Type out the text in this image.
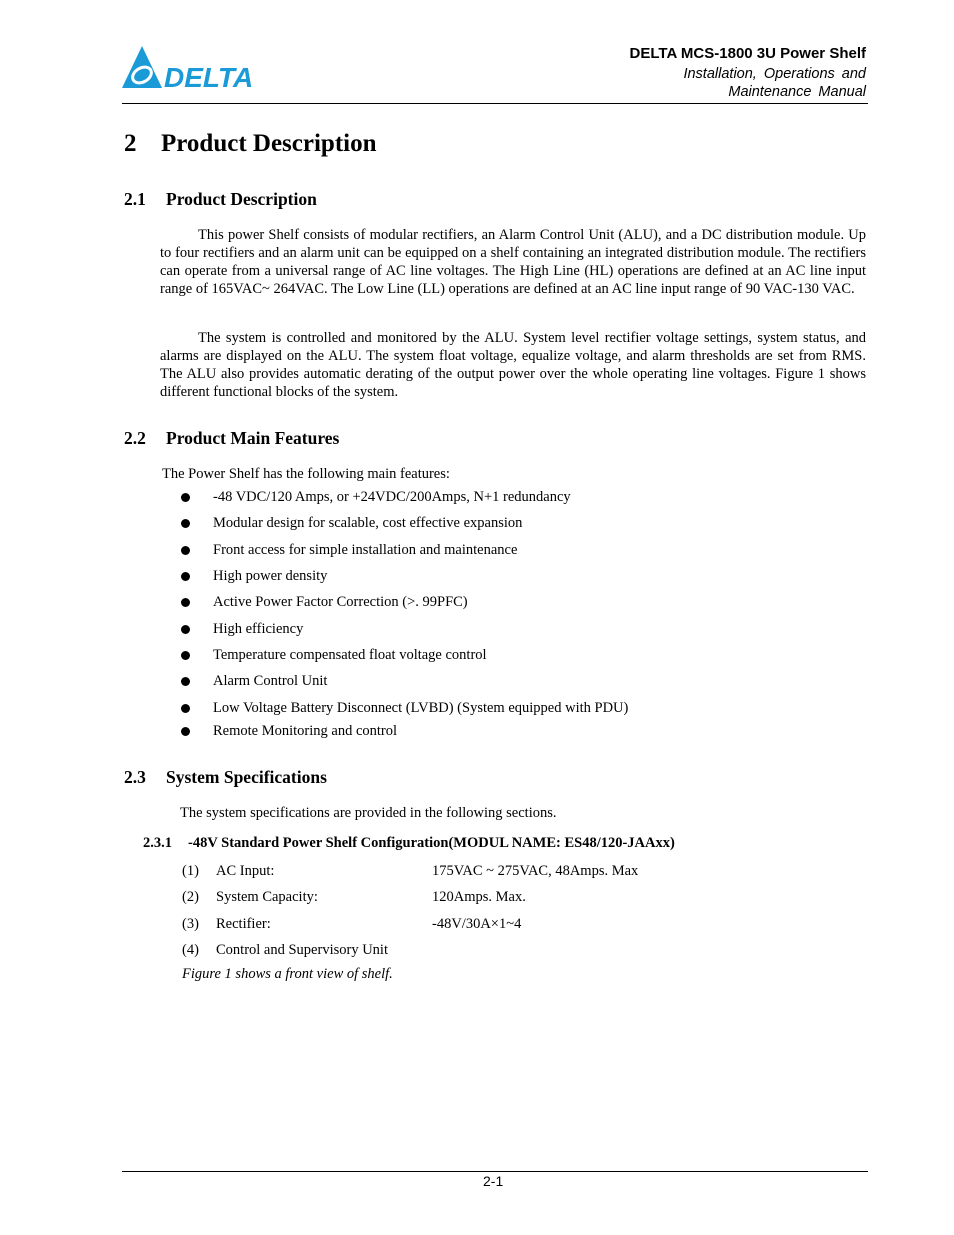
DELTA
DELTA MCS-1800 3U Power Shelf
Installation, Operations and
Maintenance Manual
2 Product Description
2.1 Product Description

This power Shelf consists of modular rectifiers, an Alarm Control Unit (ALU), and a DC distribution module. Up to four rectifiers and an alarm unit can be equipped on a shelf containing an integrated distribution module. The rectifiers can operate from a universal range of AC line voltages. The High Line (HL) operations are defined at an AC line input range of 165VAC~ 264VAC. The Low Line (LL) operations are defined at an AC line input range of 90 VAC-130 VAC.

The system is controlled and monitored by the ALU. System level rectifier voltage settings, system status, and alarms are displayed on the ALU. The system float voltage, equalize voltage, and alarm thresholds are set from RMS. The ALU also provides automatic derating of the output power over the whole operating line voltages. Figure 1 shows different functional blocks of the system.

2.2 Product Main Features
The Power Shelf has the following main features:
-48 VDC/120 Amps, or +24VDC/200Amps, N+1 redundancy
Modular design for scalable, cost effective expansion
Front access for simple installation and maintenance
High power density
Active Power Factor Correction (>. 99PFC)
High efficiency
Temperature compensated float voltage control
Alarm Control Unit
Low Voltage Battery Disconnect (LVBD) (System equipped with PDU)
Remote Monitoring and control
2.3 System Specifications
The system specifications are provided in the following sections.
2.3.1 -48V Standard Power Shelf Configuration(MODUL NAME: ES48/120-JAAxx)
(1) AC Input:	175VAC ~ 275VAC, 48Amps. Max
(2) System Capacity:	120Amps. Max.
(3) Rectifier:	-48V/30A×1~4
(4) Control and Supervisory Unit
Figure 1 shows a front view of shelf.
2-1
